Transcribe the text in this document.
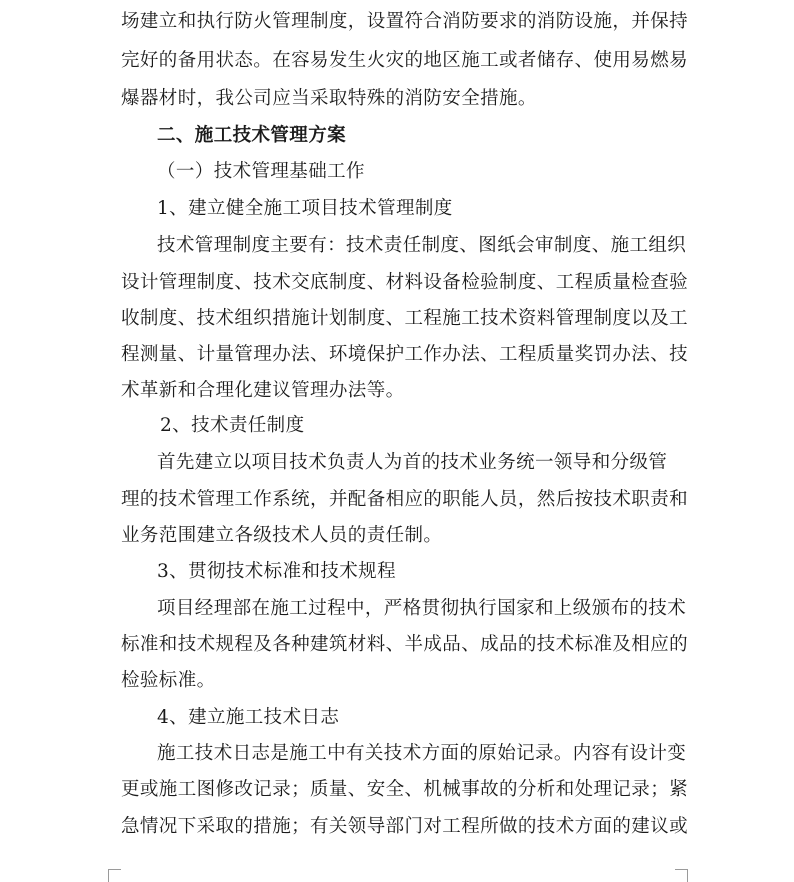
场建立和执行防火管理制度，设置符合消防要求的消防设施，并保持
完好的备用状态。在容易发生火灾的地区施工或者储存、使用易燃易
爆器材时，我公司应当采取特殊的消防安全措施。
二、施工技术管理方案
（一）技术管理基础工作
1、建立健全施工项目技术管理制度
技术管理制度主要有：技术责任制度、图纸会审制度、施工组织
设计管理制度、技术交底制度、材料设备检验制度、工程质量检查验
收制度、技术组织措施计划制度、工程施工技术资料管理制度以及工
程测量、计量管理办法、环境保护工作办法、工程质量奖罚办法、技
术革新和合理化建议管理办法等。
2、技术责任制度
首先建立以项目技术负责人为首的技术业务统一领导和分级管
理的技术管理工作系统，并配备相应的职能人员，然后按技术职责和
业务范围建立各级技术人员的责任制。
3、贯彻技术标准和技术规程
项目经理部在施工过程中，严格贯彻执行国家和上级颁布的技术
标准和技术规程及各种建筑材料、半成品、成品的技术标准及相应的
检验标准。
4、建立施工技术日志
施工技术日志是施工中有关技术方面的原始记录。内容有设计变
更或施工图修改记录；质量、安全、机械事故的分析和处理记录；紧
急情况下采取的措施；有关领导部门对工程所做的技术方面的建议或
